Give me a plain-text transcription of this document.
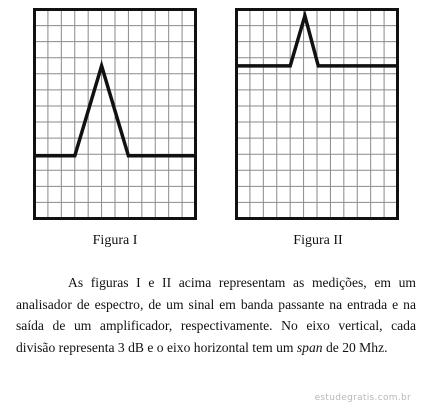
Figura I	Figura II

As figuras I e II acima representam as medições, em um analisador de espectro, de um sinal em banda passante na entrada e na saída de um amplificador, respectivamente. No eixo vertical, cada divisão representa 3 dB e o eixo horizontal tem um span de 20 Mhz.

estudegratis.com.br
